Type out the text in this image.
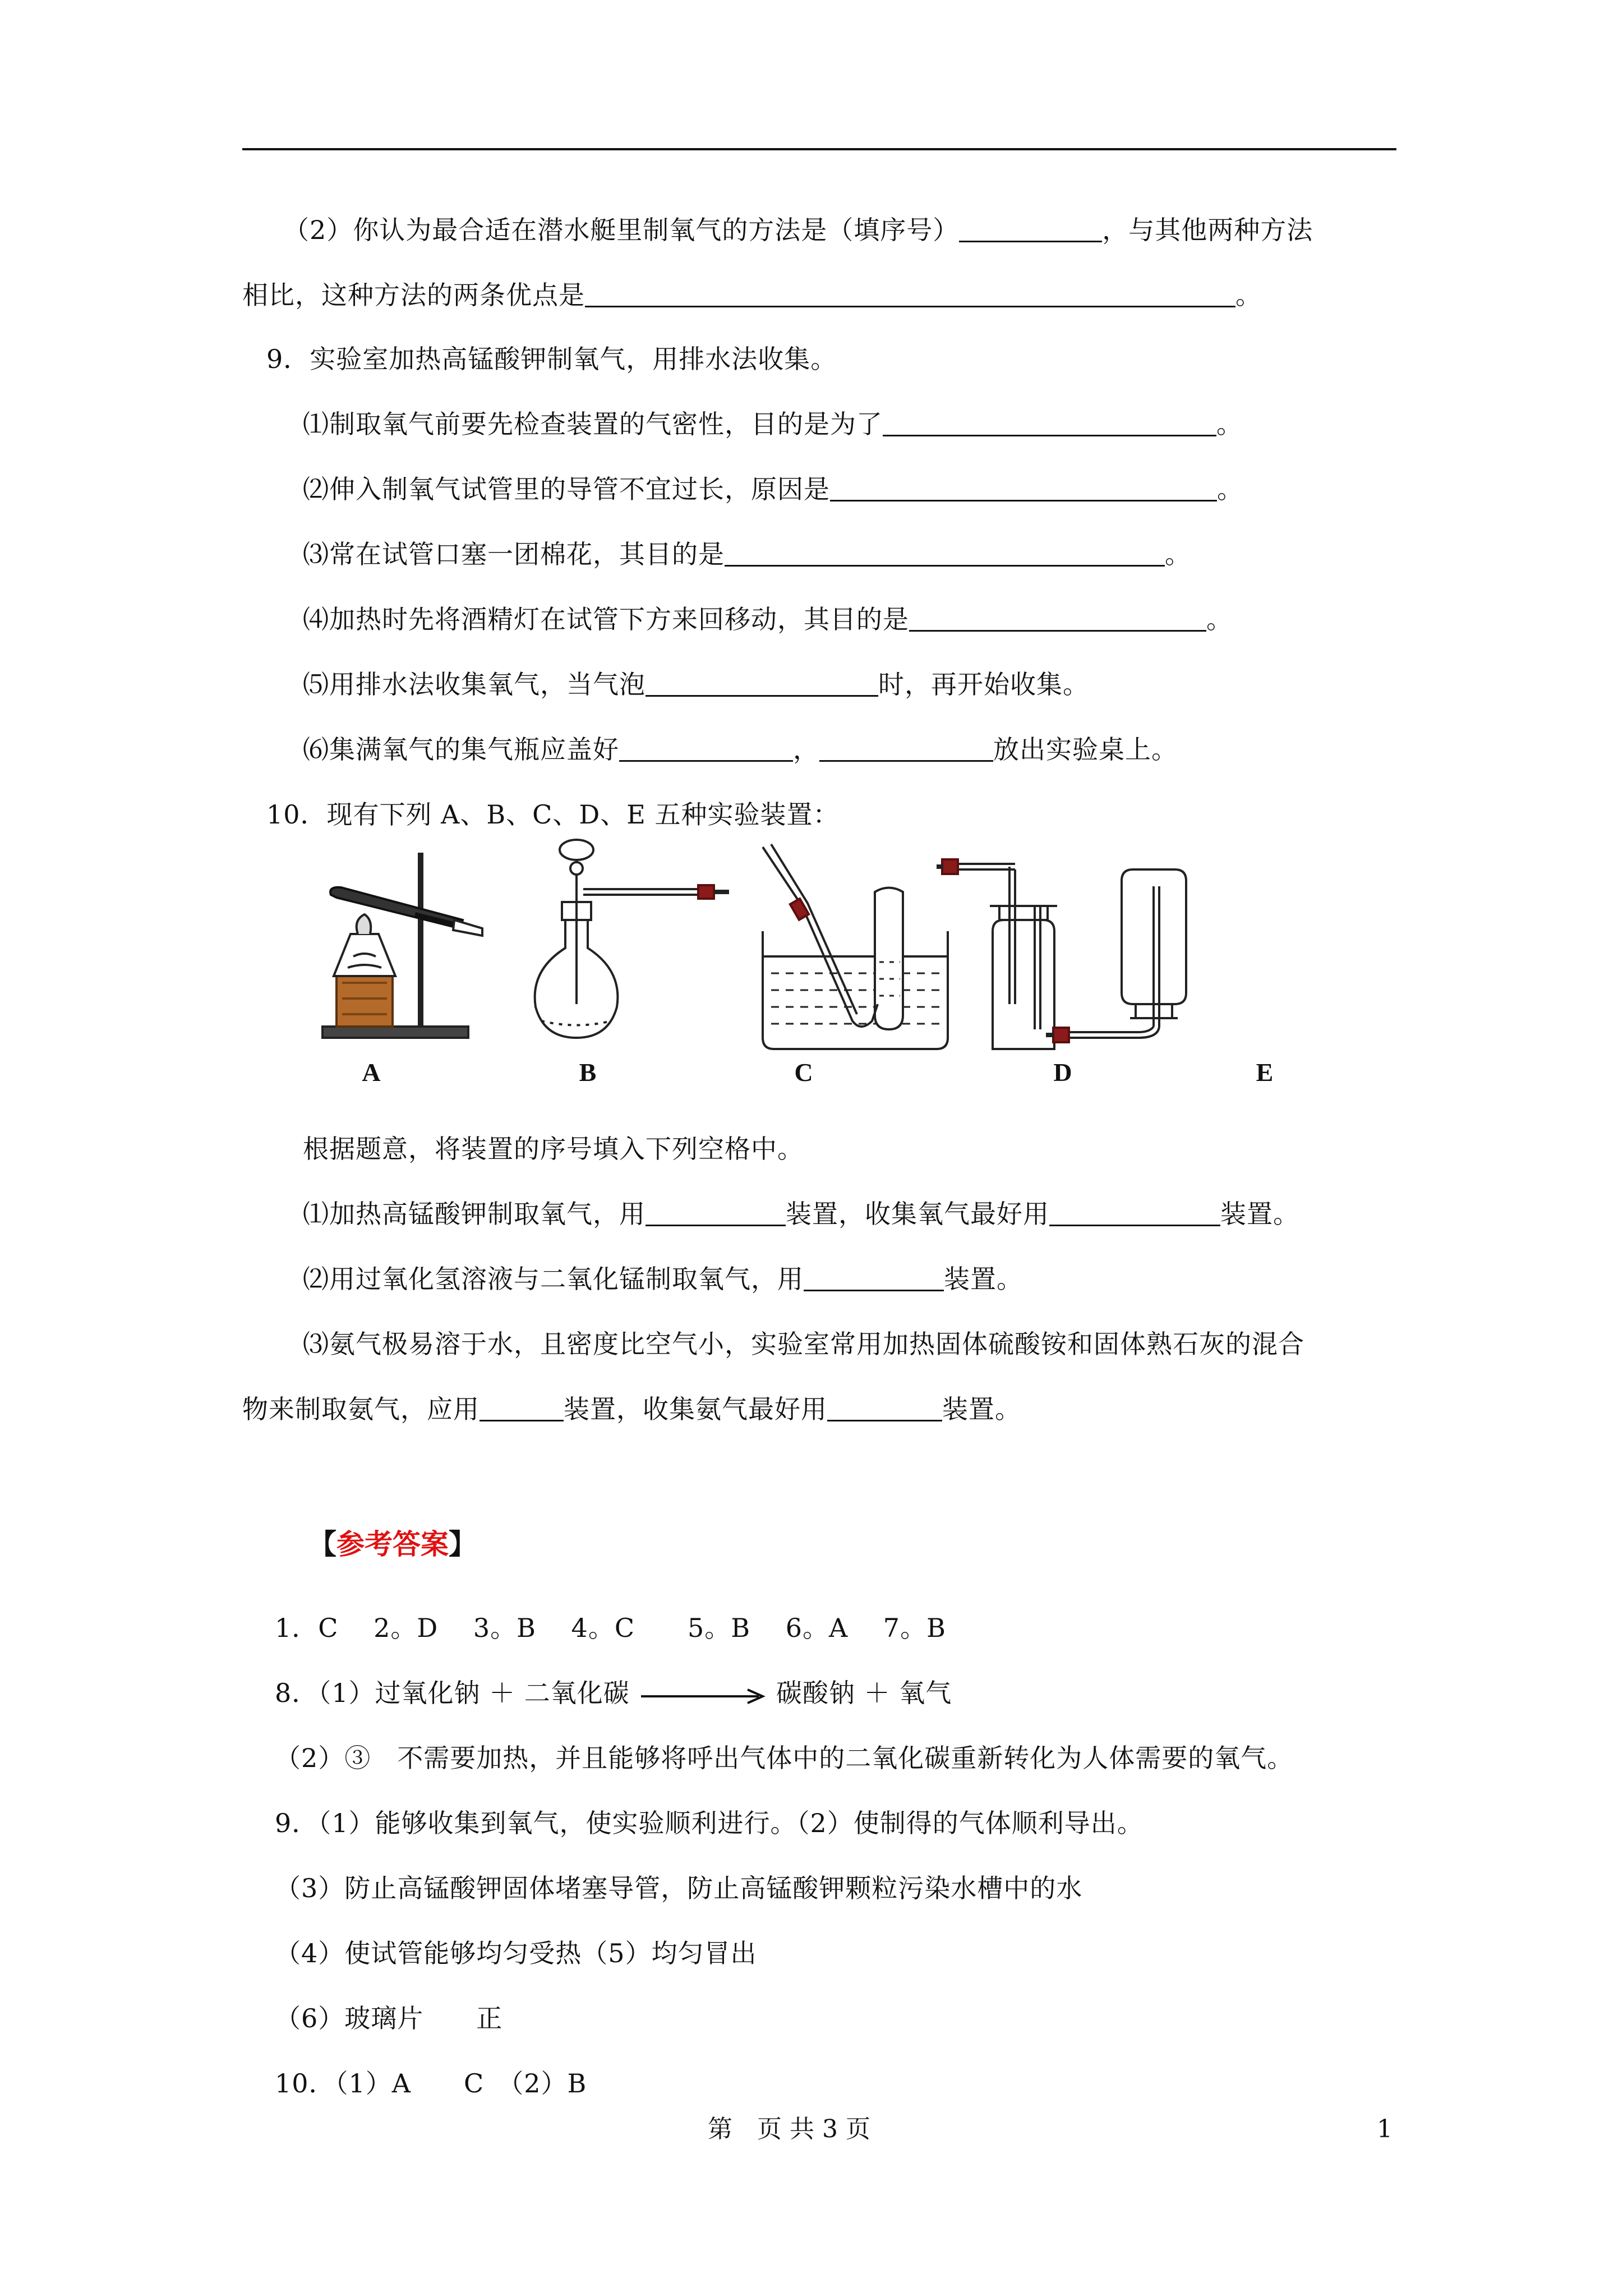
（2）你认为最合适在潜水艇里制氧气的方法是（填序号）	，与其他两种方法
相比，这种方法的两条优点是	。
9．实验室加热高锰酸钾制氧气，用排水法收集。
⑴制取氧气前要先检查装置的气密性，目的是为了	。
⑵伸入制氧气试管里的导管不宜过长，原因是	。
⑶常在试管口塞一团棉花，其目的是	。
⑷加热时先将酒精灯在试管下方来回移动，其目的是	。
⑸用排水法收集氧气，当气泡	时，再开始收集。
⑹集满氧气的集气瓶应盖好	，	放出实验桌上。
10．现有下列 A、B、C、D、E 五种实验装置：
A	B	C	D	E
根据题意，将装置的序号填入下列空格中。
⑴加热高锰酸钾制取氧气，用	装置，收集氧气最好用	装置。
⑵用过氧化氢溶液与二氧化锰制取氧气，用	装置。
⑶氨气极易溶于水，且密度比空气小，实验室常用加热固体硫酸铵和固体熟石灰的混合
物来制取氨气，应用	装置，收集氨气最好用	装置。
【参考答案】
1．C　 2。D　 3。B　 4。C　　5。B　 6。A　 7。B
8．（1）过氧化钠 ＋ 二氧化碳	碳酸钠 ＋ 氧气
（2）③　不需要加热，并且能够将呼出气体中的二氧化碳重新转化为人体需要的氧气。
9．（1）能够收集到氧气，使实验顺利进行。（2）使制得的气体顺利导出。
（3）防止高锰酸钾固体堵塞导管，防止高锰酸钾颗粒污染水槽中的水
（4）使试管能够均匀受热（5）均匀冒出
（6）玻璃片　　正
10．（1）A　　C　（2）B
第　页 共 3 页	1
